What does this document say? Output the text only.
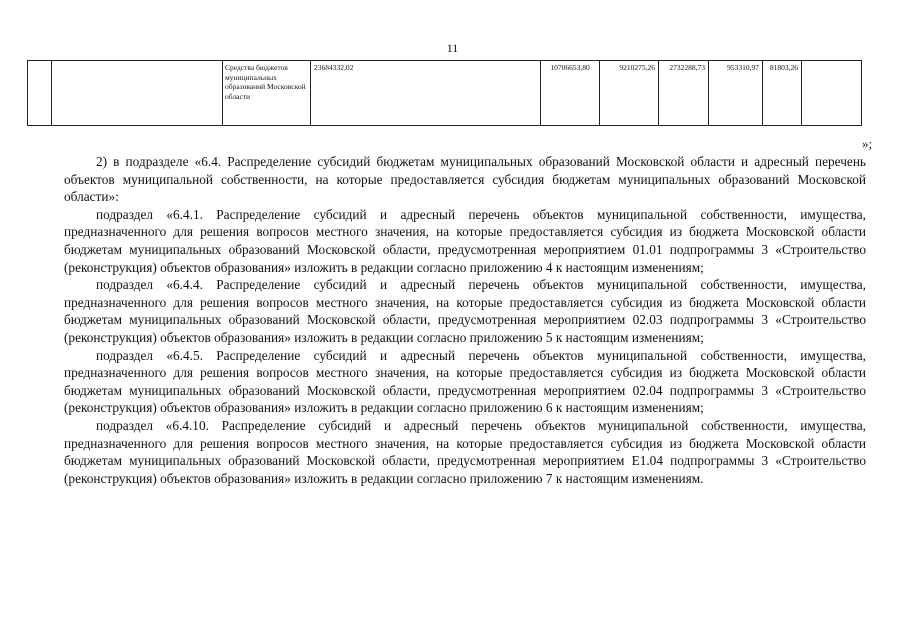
11
		Средства бюджетов муниципальных образований Московской области	23684332,02	10706653,80	9210275,26	2732288,73	953310,97	81803,26	
»;

2) в подразделе «6.4. Распределение субсидий бюджетам муниципальных образований Московской области и адресный перечень объектов муниципальной собственности, на которые предоставляется субсидия бюджетам муниципальных образований Московской области»:

подраздел «6.4.1. Распределение субсидий и адресный перечень объектов муниципальной собственности, имущества, предназначенного для решения вопросов местного значения, на которые предоставляется субсидия из бюджета Московской области бюджетам муниципальных образований Московской области, предусмотренная мероприятием 01.01 подпрограммы 3 «Строительство (реконструкция) объектов образования» изложить в редакции согласно приложению 4 к настоящим изменениям;

подраздел «6.4.4. Распределение субсидий и адресный перечень объектов муниципальной собственности, имущества, предназначенного для решения вопросов местного значения, на которые предоставляется субсидия из бюджета Московской области бюджетам муниципальных образований Московской области, предусмотренная мероприятием 02.03 подпрограммы 3 «Строительство (реконструкция) объектов образования» изложить в редакции согласно приложению 5 к настоящим изменениям;

подраздел «6.4.5. Распределение субсидий и адресный перечень объектов муниципальной собственности, имущества, предназначенного для решения вопросов местного значения, на которые предоставляется субсидия из бюджета Московской области бюджетам муниципальных образований Московской области, предусмотренная мероприятием 02.04 подпрограммы 3 «Строительство (реконструкция) объектов образования» изложить в редакции согласно приложению 6 к настоящим изменениям;

подраздел «6.4.10. Распределение субсидий и адресный перечень объектов муниципальной собственности, имущества, предназначенного для решения вопросов местного значения, на которые предоставляется субсидия из бюджета Московской области бюджетам муниципальных образований Московской области, предусмотренная мероприятием Е1.04 подпрограммы 3 «Строительство (реконструкция) объектов образования» изложить в редакции согласно приложению 7 к настоящим изменениям.
